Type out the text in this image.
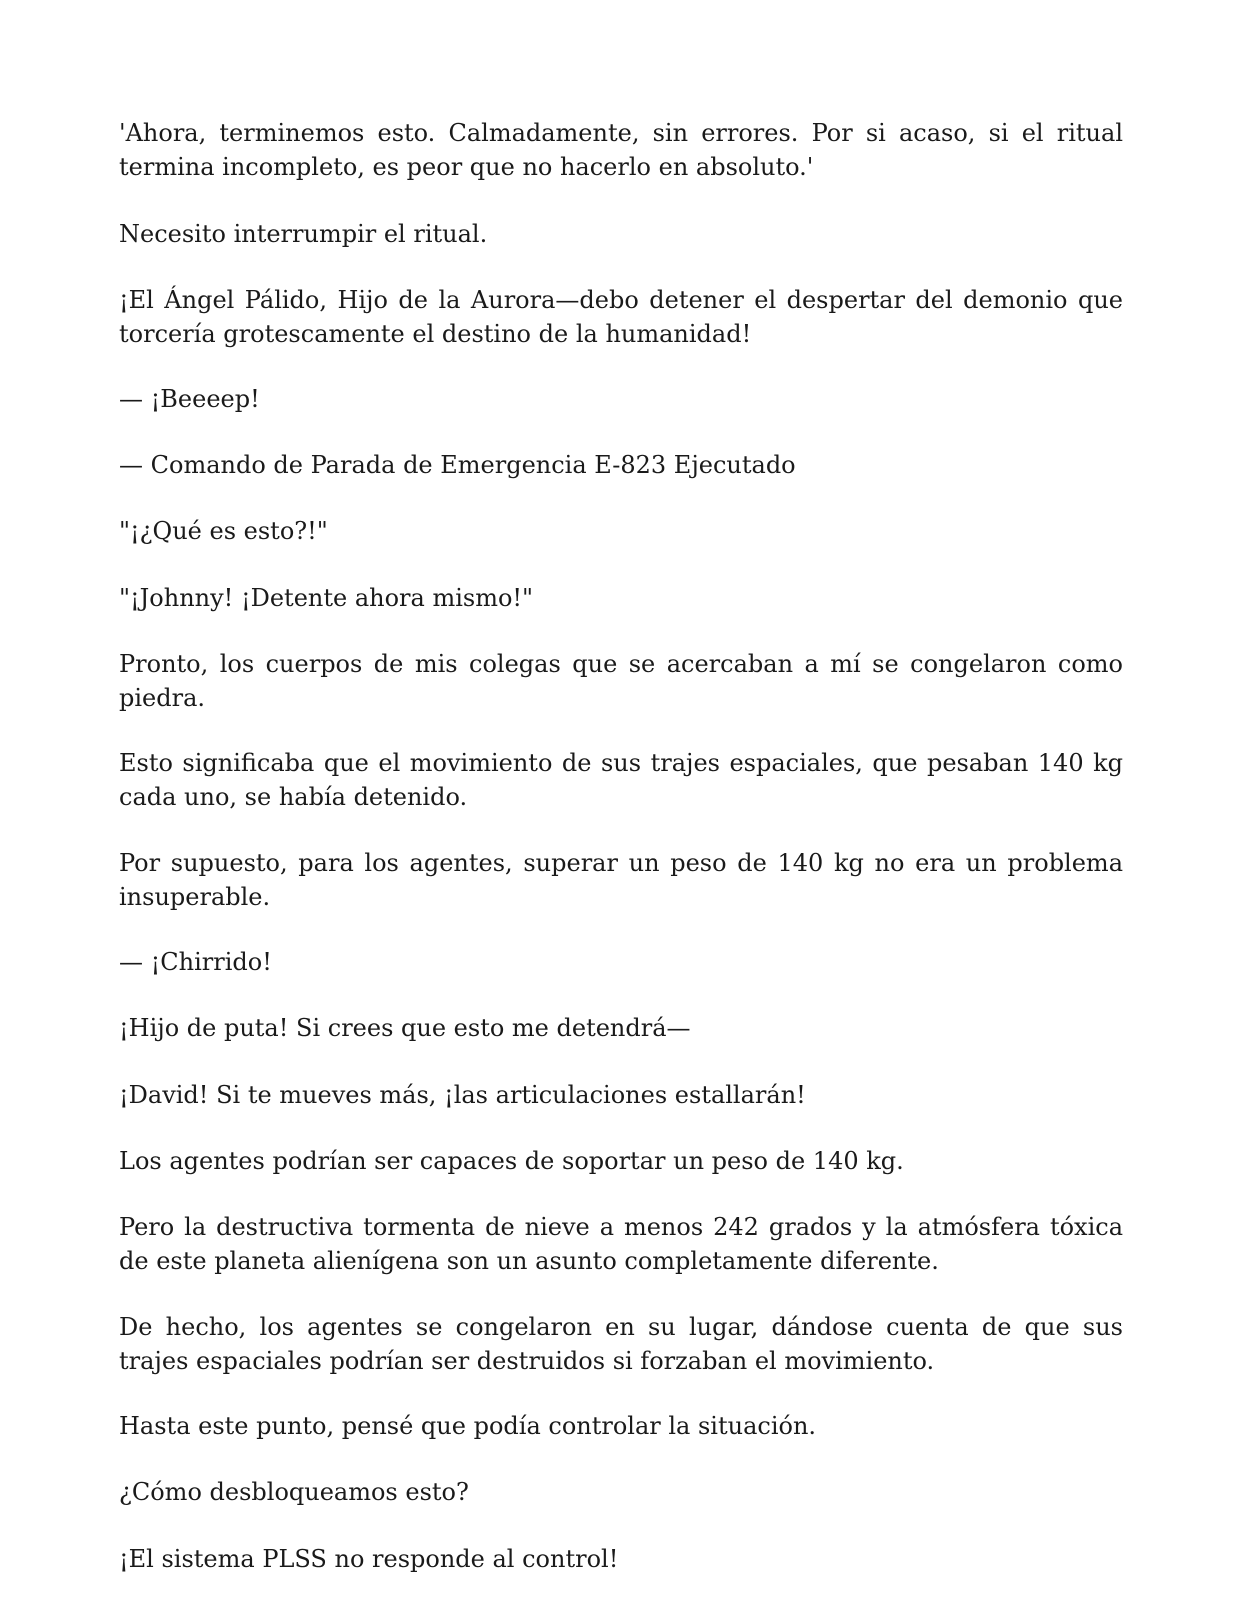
'Ahora, terminemos esto. Calmadamente, sin errores. Por si acaso, si el ritual termina incompleto, es peor que no hacerlo en absoluto.'

Necesito interrumpir el ritual.

¡El Ángel Pálido, Hijo de la Aurora—debo detener el despertar del demonio que torcería grotescamente el destino de la humanidad!

— ¡Beeeep!

— Comando de Parada de Emergencia E-823 Ejecutado

"¡¿Qué es esto?!"

"¡Johnny! ¡Detente ahora mismo!"

Pronto, los cuerpos de mis colegas que se acercaban a mí se congelaron como piedra.

Esto significaba que el movimiento de sus trajes espaciales, que pesaban 140 kg cada uno, se había detenido.

Por supuesto, para los agentes, superar un peso de 140 kg no era un problema insuperable.

— ¡Chirrido!

¡Hijo de puta! Si crees que esto me detendrá—

¡David! Si te mueves más, ¡las articulaciones estallarán!

Los agentes podrían ser capaces de soportar un peso de 140 kg.

Pero la destructiva tormenta de nieve a menos 242 grados y la atmósfera tóxica de este planeta alienígena son un asunto completamente diferente.

De hecho, los agentes se congelaron en su lugar, dándose cuenta de que sus trajes espaciales podrían ser destruidos si forzaban el movimiento.

Hasta este punto, pensé que podía controlar la situación.

¿Cómo desbloqueamos esto?

¡El sistema PLSS no responde al control!
